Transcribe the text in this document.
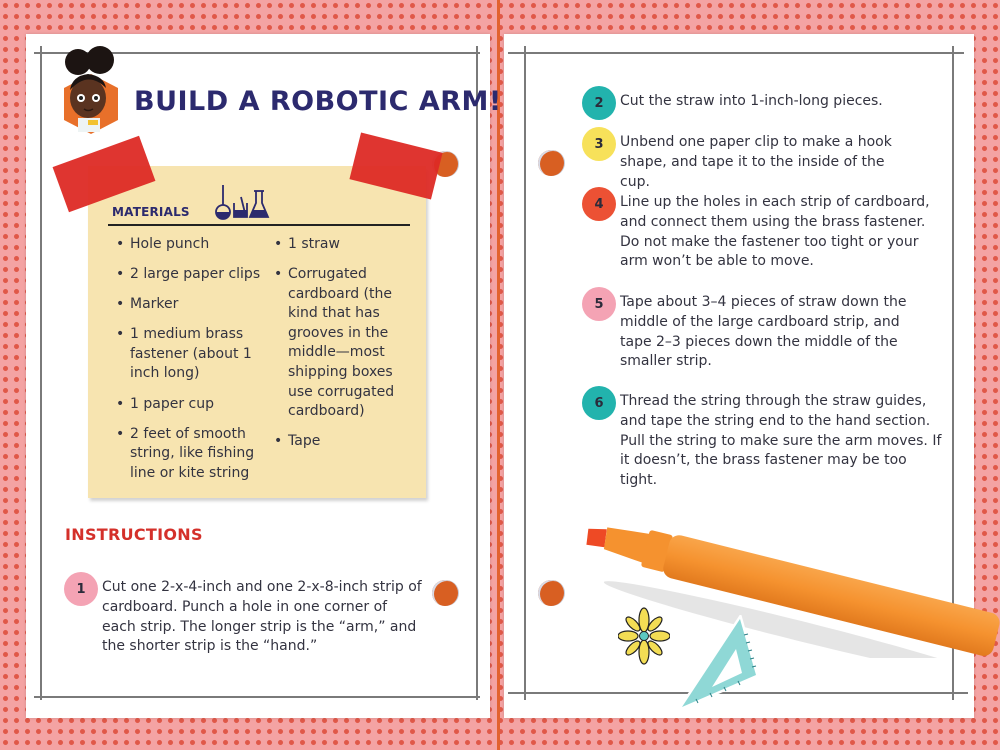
BUILD A ROBOTIC ARM!
MATERIALS
• Hole punch
• 2 large paper clips
• Marker
• 1 medium brass fastener (about 1 inch long)
• 1 paper cup
• 2 feet of smooth string, like fishing line or kite string
• 1 straw
• Corrugated cardboard (the kind that has grooves in the middle—most shipping boxes use corrugated cardboard)
• Tape
INSTRUCTIONS
1	Cut one 2-x-4-inch and one 2-x-8-inch strip of cardboard. Punch a hole in one corner of each strip. The longer strip is the “arm,” and the shorter strip is the “hand.”
2	Cut the straw into 1-inch-long pieces.
3	Unbend one paper clip to make a hook shape, and tape it to the inside of the cup.
4	Line up the holes in each strip of cardboard, and connect them using the brass fastener. Do not make the fastener too tight or your arm won’t be able to move.
5	Tape about 3–4 pieces of straw down the middle of the large cardboard strip, and tape 2–3 pieces down the middle of the smaller strip.
6	Thread the string through the straw guides, and tape the string end to the hand section. Pull the string to make sure the arm moves. If it doesn’t, the brass fastener may be too tight.
